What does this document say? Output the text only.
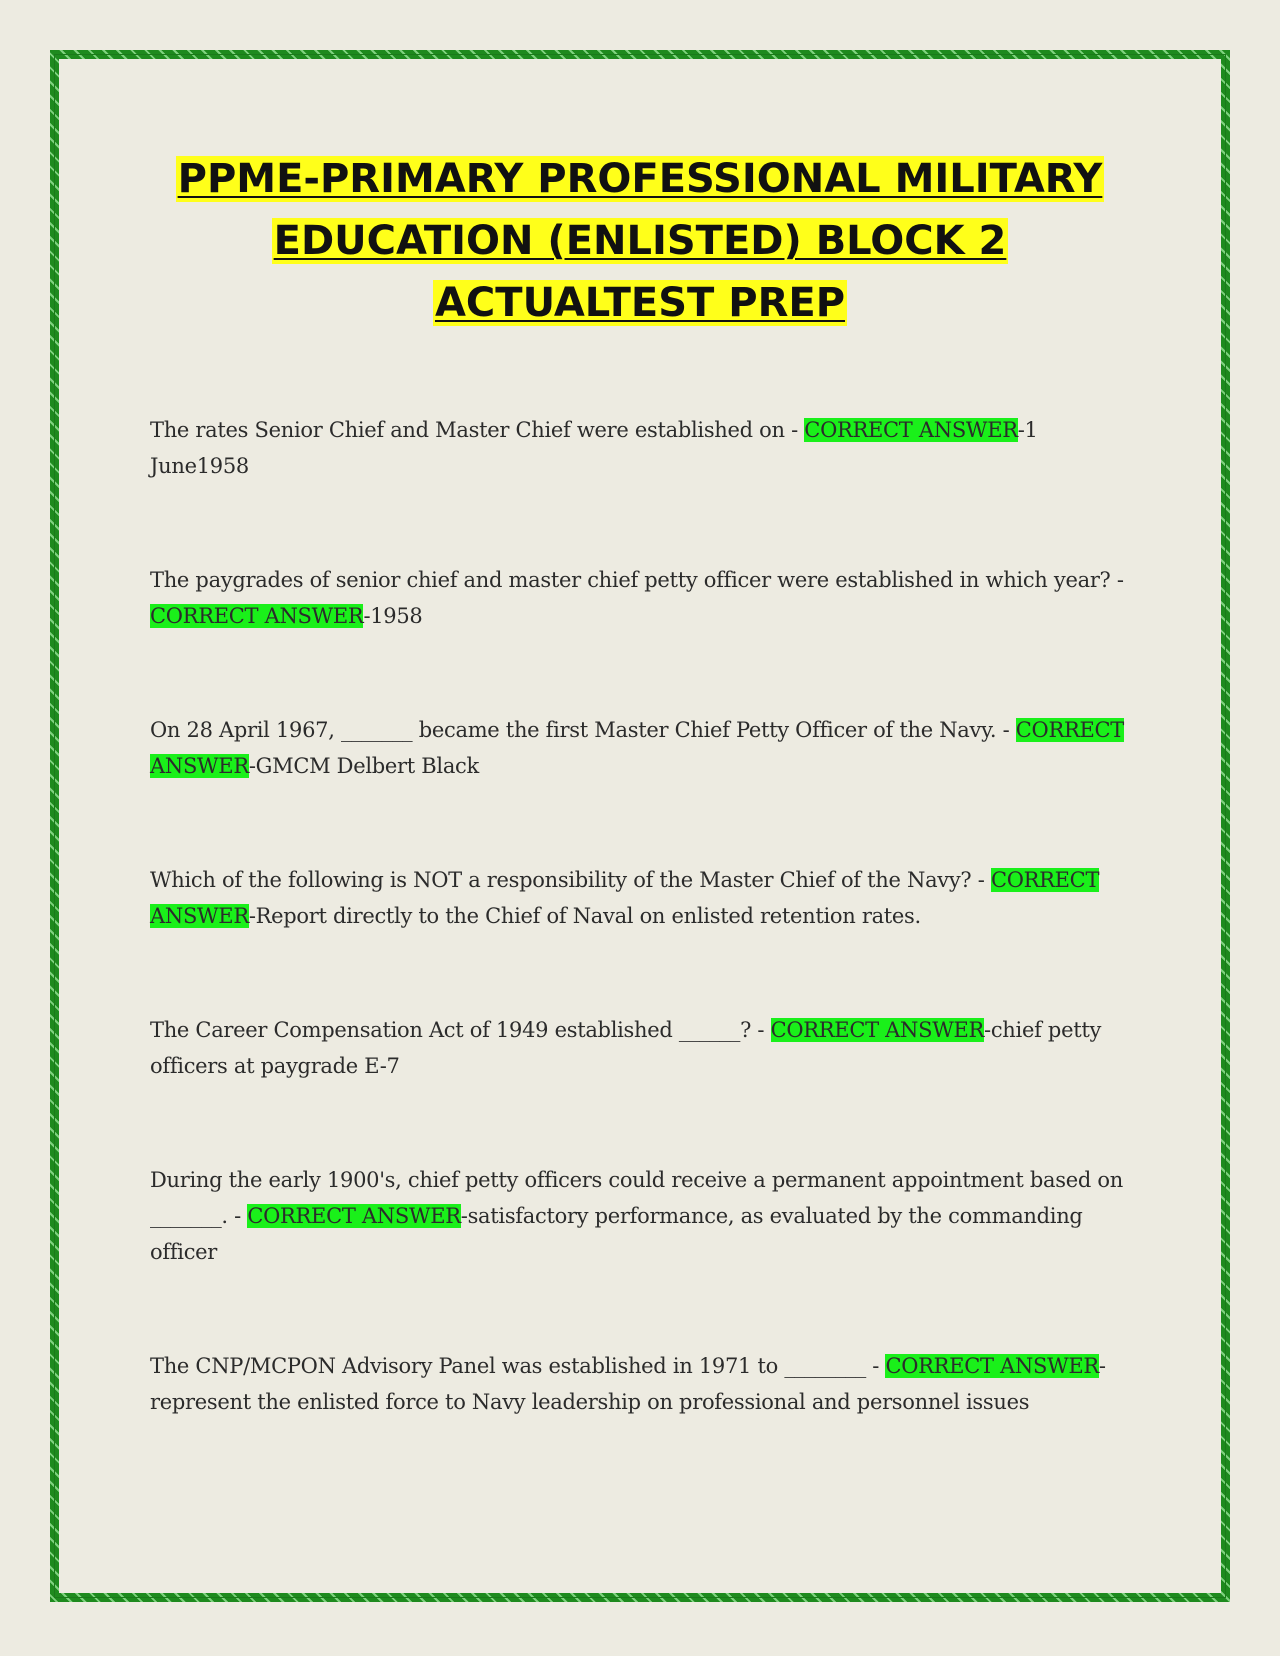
PPME-PRIMARY PROFESSIONAL MILITARY
EDUCATION (ENLISTED) BLOCK 2
ACTUALTEST PREP

The rates Senior Chief and Master Chief were established on - CORRECT ANSWER-1 June1958

The paygrades of senior chief and master chief petty officer were established in which year? - CORRECT ANSWER-1958

On 28 April 1967, _______ became the first Master Chief Petty Officer of the Navy. - CORRECT ANSWER-GMCM Delbert Black

Which of the following is NOT a responsibility of the Master Chief of the Navy? - CORRECT ANSWER-Report directly to the Chief of Naval on enlisted retention rates.

The Career Compensation Act of 1949 established ______? - CORRECT ANSWER-chief petty officers at paygrade E-7

During the early 1900's, chief petty officers could receive a permanent appointment based on _______. - CORRECT ANSWER-satisfactory performance, as evaluated by the commanding officer

The CNP/MCPON Advisory Panel was established in 1971 to ________ - CORRECT ANSWER-represent the enlisted force to Navy leadership on professional and personnel issues
